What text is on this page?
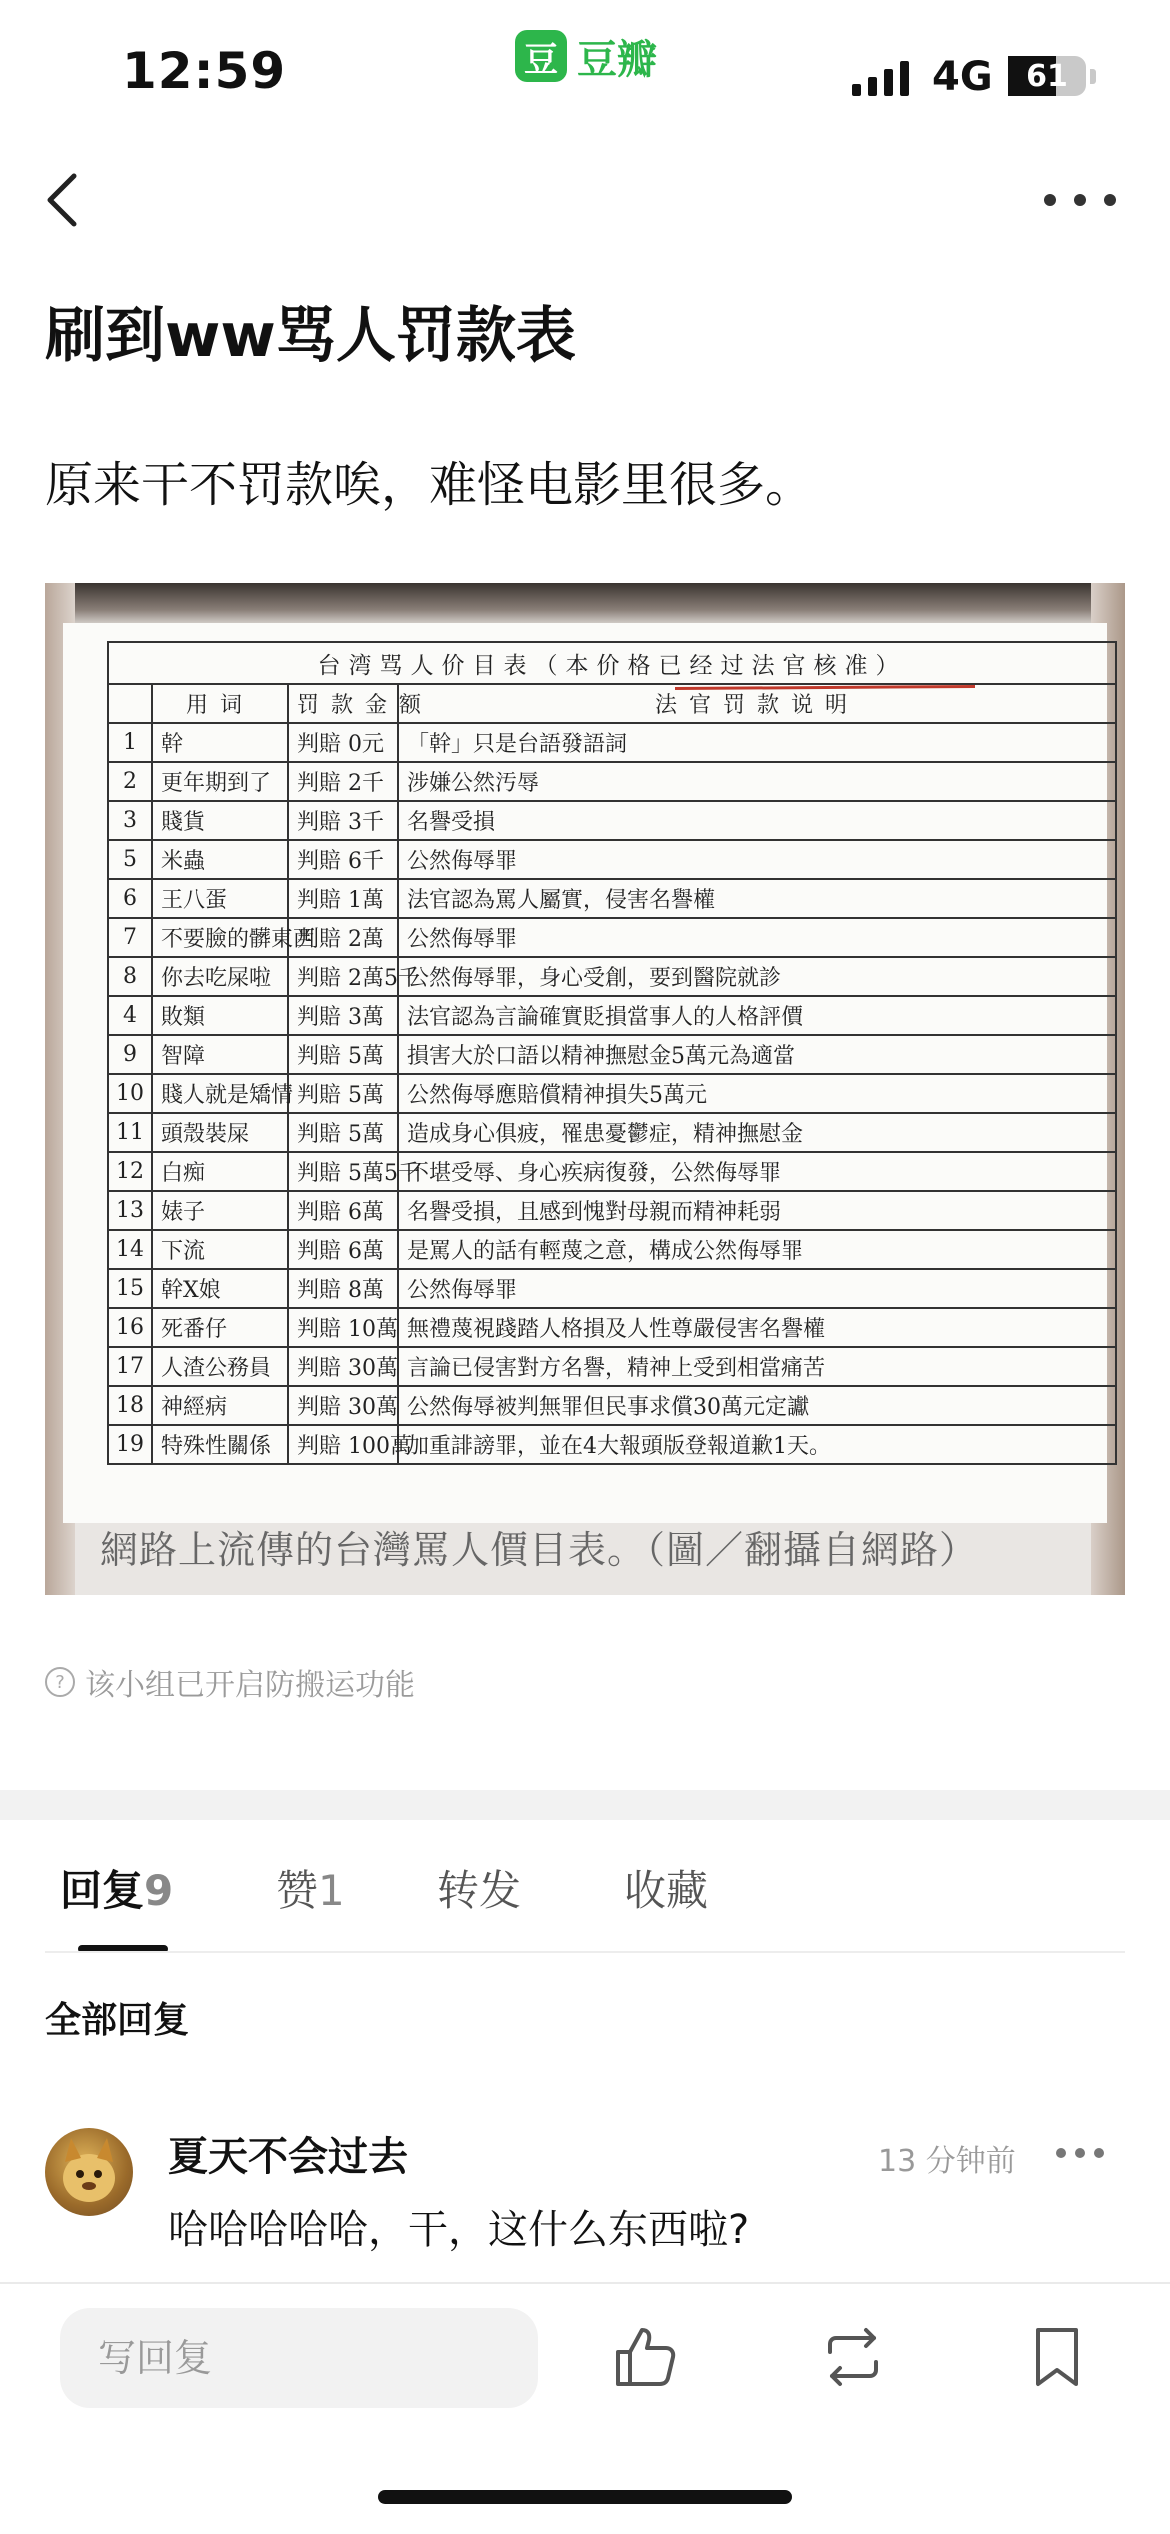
12:59	豆 豆瓣	4G	61
刷到ww骂人罚款表
原来干不罚款唉，难怪电影里很多。
台湾骂人价目表（本价格已经过法官核准）			
	用词	罚款金额	法官罚款说明
1	幹	判賠 0元	「幹」只是台語發語詞
2	更年期到了	判賠 2千	涉嫌公然汚辱
3	賤貨	判賠 3千	名譽受損
5	米蟲	判賠 6千	公然侮辱罪
6	王八蛋	判賠 1萬	法官認為罵人屬實，侵害名譽權
7	不要臉的髒東西	判賠 2萬	公然侮辱罪
8	你去吃屎啦	判賠 2萬5千	公然侮辱罪，身心受創，要到醫院就診
4	敗類	判賠 3萬	法官認為言論確實貶損當事人的人格評價
9	智障	判賠 5萬	損害大於口語以精神撫慰金5萬元為適當
10	賤人就是矯情	判賠 5萬	公然侮辱應賠償精神損失5萬元
11	頭殼裝屎	判賠 5萬	造成身心俱疲，罹患憂鬱症，精神撫慰金
12	白痴	判賠 5萬5千	不堪受辱、身心疾病復發，公然侮辱罪
13	婊子	判賠 6萬	名譽受損，且感到愧對母親而精神耗弱
14	下流	判賠 6萬	是罵人的話有輕蔑之意，構成公然侮辱罪
15	幹X娘	判賠 8萬	公然侮辱罪
16	死番仔	判賠 10萬	無禮蔑視踐踏人格損及人性尊嚴侵害名譽權
17	人渣公務員	判賠 30萬	言論已侵害對方名譽，精神上受到相當痛苦
18	神經病	判賠 30萬	公然侮辱被判無罪但民事求償30萬元定讞
19	特殊性關係	判賠 100萬	加重誹謗罪，並在4大報頭版登報道歉1天。
網路上流傳的台灣罵人價目表。（圖／翻攝自網路）
? 该小组已开启防搬运功能
回复9 赞1 转发 收藏
全部回复
夏天不会过去	13 分钟前
哈哈哈哈哈，干，这什么东西啦?
写回复
